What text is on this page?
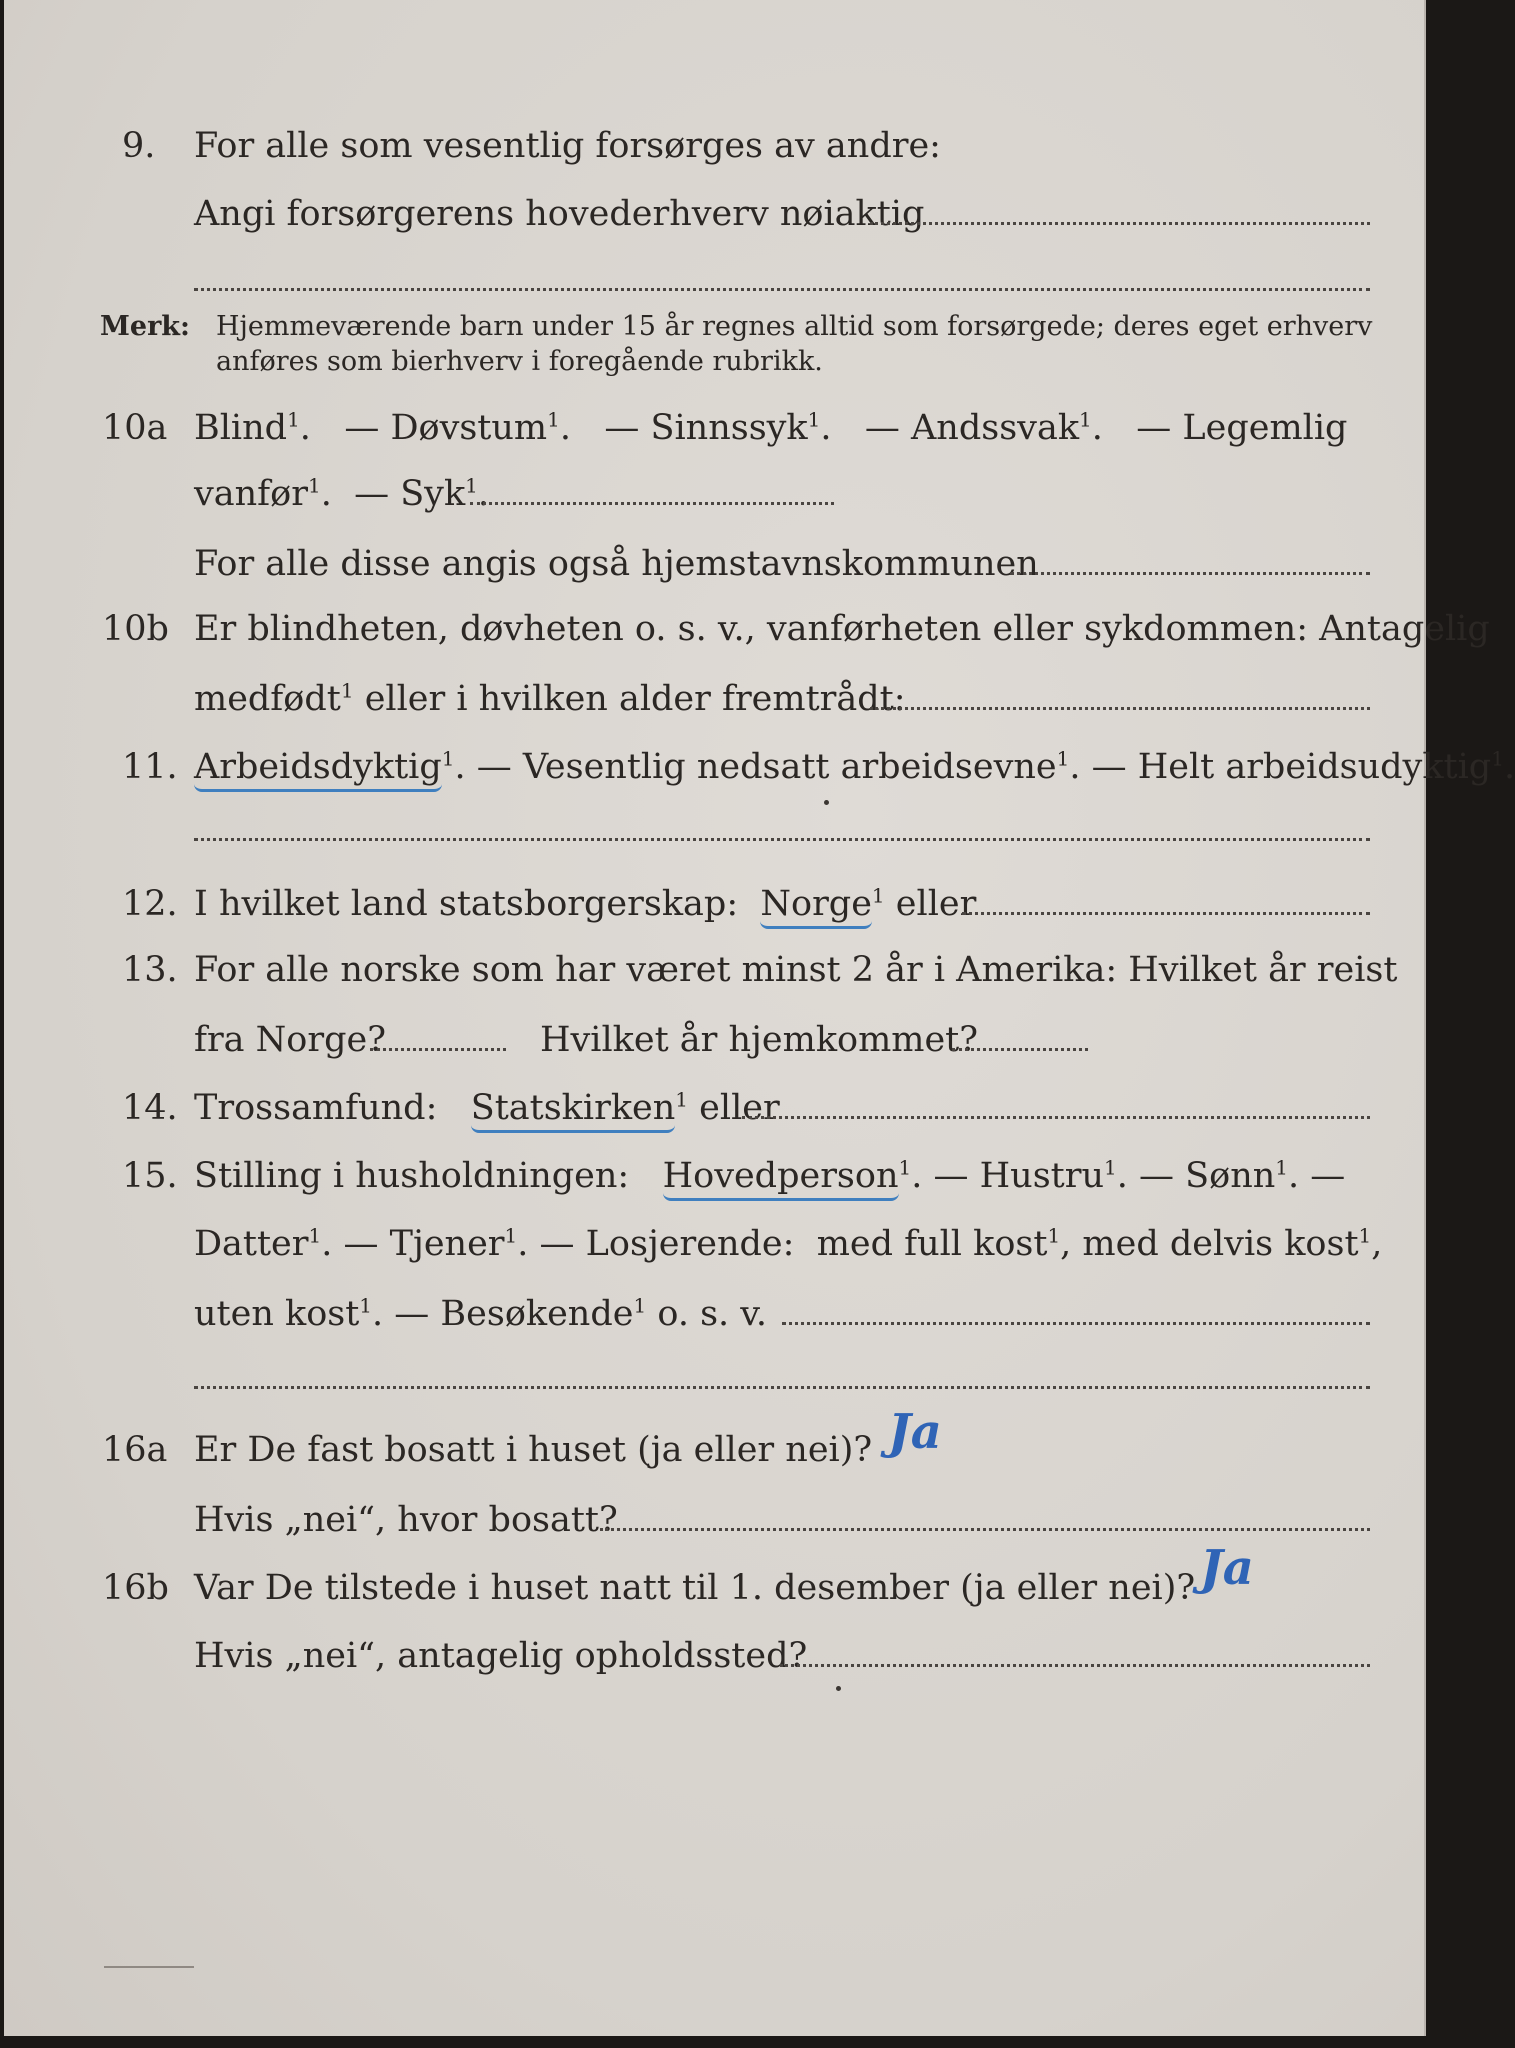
9. For alle som vesentlig forsørges av andre:
Angi forsørgerens hovederhverv nøiaktig
Merk: Hjemmeværende barn under 15 år regnes alltid som forsørgede; deres eget erhverv
anføres som bierhverv i foregående rubrikk.
10a Blind$^1$.   — Døvstum$^1$.   — Sinnssyk$^1$.   — Andssvak$^1$.   — Legemlig
vanfør$^1$.  — Syk$^1$.
For alle disse angis også hjemstavnskommunen
10b Er blindheten, døvheten o. s. v., vanførheten eller sykdommen: Antagelig
medfødt$^1$ eller i hvilken alder fremtrådt:
11. Arbeidsdyktig$^1$. — Vesentlig nedsatt arbeidsevne$^1$. — Helt arbeidsudyktig$^1$.
12. I hvilket land statsborgerskap: Norge$^1$ eller
13. For alle norske som har været minst 2 år i Amerika: Hvilket år reist
fra Norge?	Hvilket år hjemkommet?
14. Trossamfund: Statskirken$^1$ eller
15. Stilling i husholdningen: Hovedperson$^1$. — Hustru$^1$. — Sønn$^1$. —
Datter$^1$. — Tjener$^1$. — Losjerende: med full kost$^1$, med delvis kost$^1$,
uten kost$^1$. — Besøkende$^1$ o. s. v.
16a Er De fast bosatt i huset (ja eller nei)? Ja
Hvis „nei“, hvor bosatt?
16b Var De tilstede i huset natt til 1. desember (ja eller nei)? Ja
Hvis „nei“, antagelig opholdssted?
